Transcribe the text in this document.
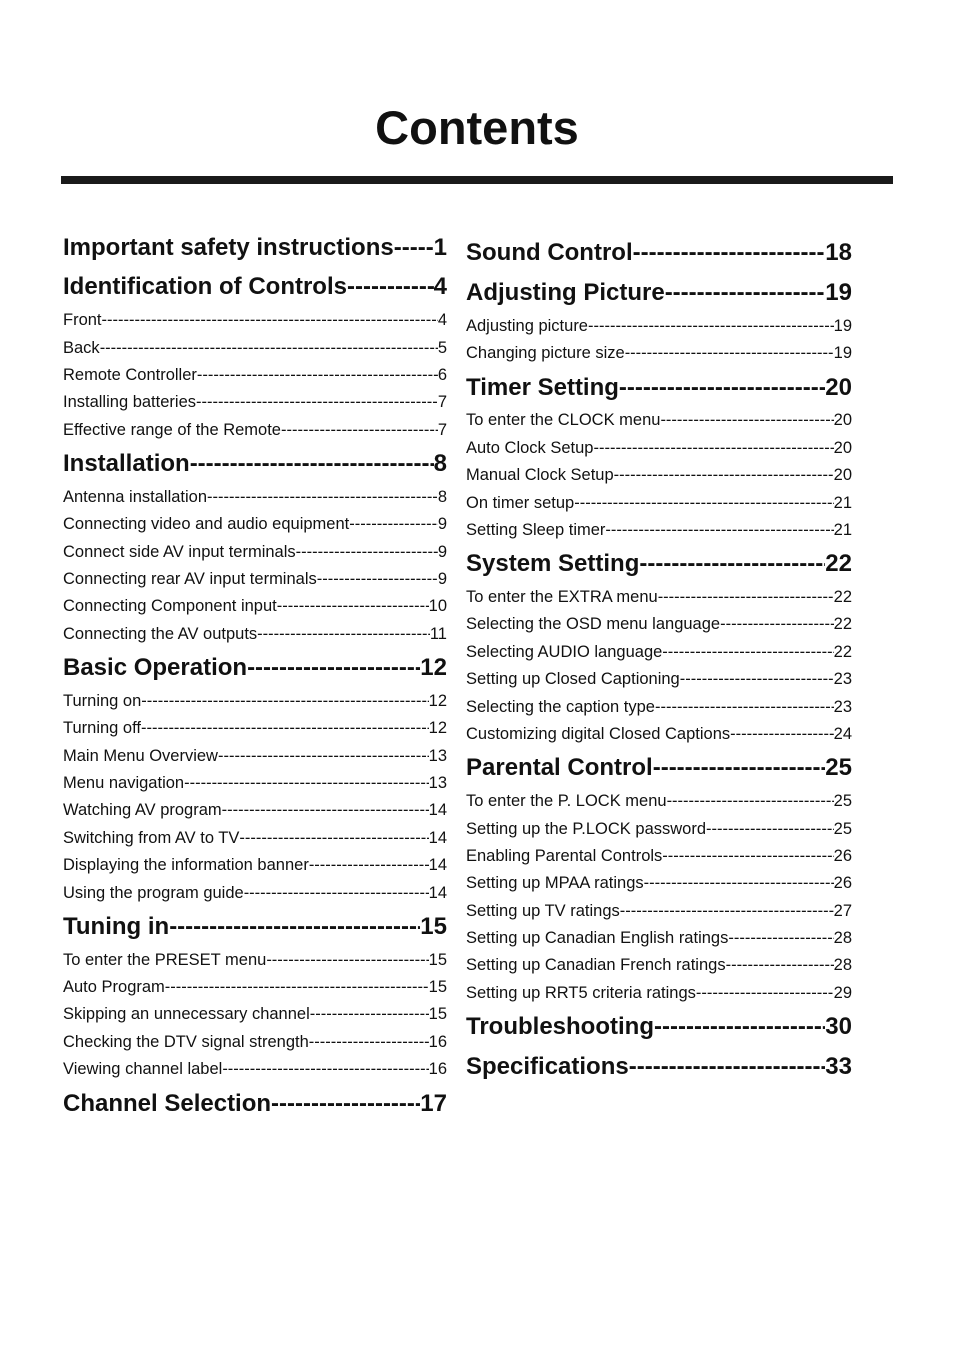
Contents
Important safety instructions ----- 1
Identification of Controls -----	4
Front -----	4
Back -----	5
Remote Controller -----	6
Installing batteries -----	7
Effective range of the Remote -----	7
Installation -----	8
Antenna installation -----	8
Connecting video and audio equipment -----	9
Connect side AV input terminals -----	9
Connecting rear AV input terminals -----	9
Connecting Component input -----	10
Connecting the AV outputs -----	11
Basic Operation -----	12
Turning on -----	12
Turning off -----	12
Main Menu Overview -----	13
Menu navigation -----	13
Watching AV program -----	14
Switching from AV to TV -----	14
Displaying the information banner -----	14
Using the program guide -----	14
Tuning in -----	15
To enter the PRESET menu -----	15
Auto Program -----	15
Skipping an unnecessary channel -----	15
Checking the DTV signal strength -----	16
Viewing channel label -----	16
Channel Selection -----	17
Sound Control -----	18
Adjusting Picture -----	19
Adjusting picture -----	19
Changing picture size -----	19
Timer Setting -----	20
To enter the CLOCK menu -----	20
Auto Clock Setup -----	20
Manual Clock Setup -----	20
On timer setup -----	21
Setting Sleep timer -----	21
System Setting -----	22
To enter the EXTRA menu -----	22
Selecting the OSD menu language -----	22
Selecting AUDIO language -----	22
Setting up Closed Captioning -----	23
Selecting the caption type -----	23
Customizing digital Closed Captions -----	24
Parental Control -----	25
To enter the P. LOCK menu -----	25
Setting up the P.LOCK password -----	25
Enabling Parental Controls -----	26
Setting up MPAA ratings -----	26
Setting up TV ratings -----	27
Setting up Canadian English ratings -----	28
Setting up Canadian French ratings -----	28
Setting up RRT5 criteria ratings -----	29
Troubleshooting -----	30
Specifications -----	33
